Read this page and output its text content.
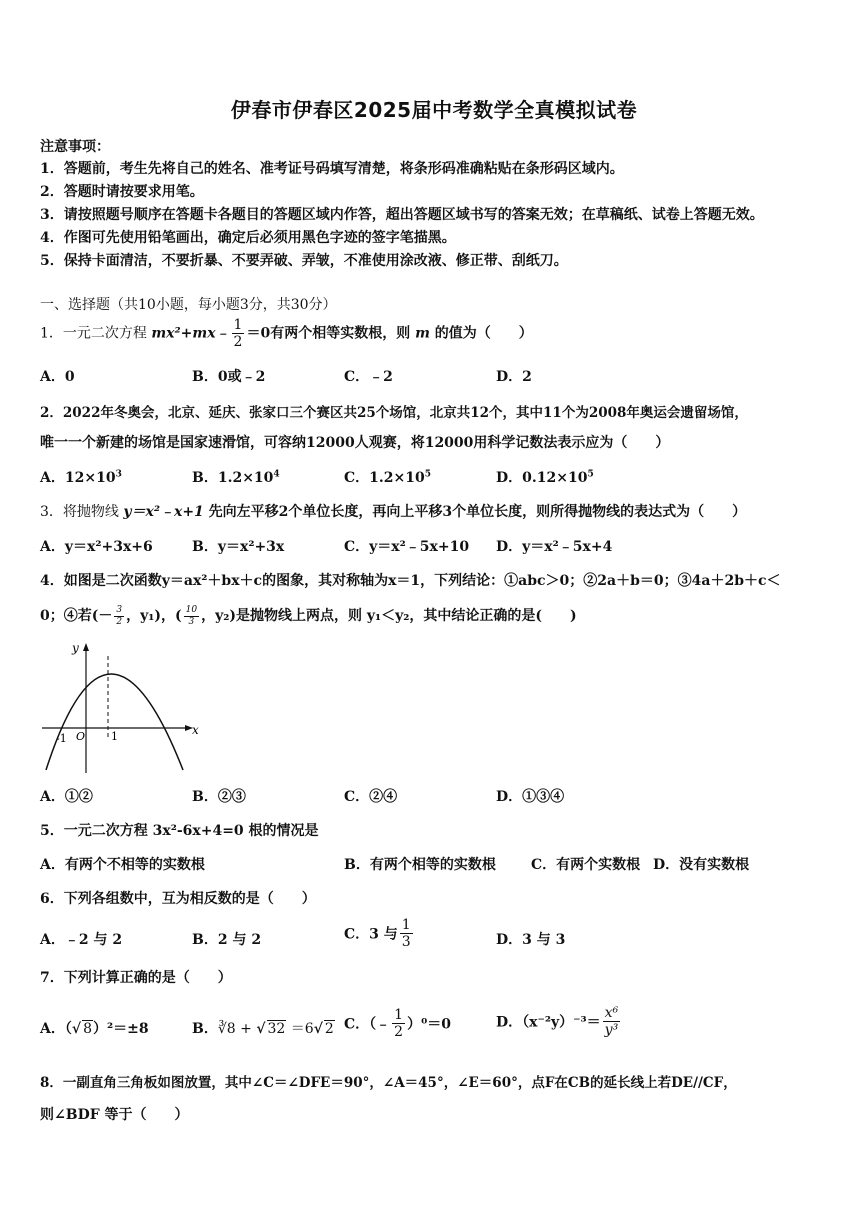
伊春市伊春区2025届中考数学全真模拟试卷
注意事项：
1．答题前，考生先将自己的姓名、准考证号码填写清楚，将条形码准确粘贴在条形码区域内。
2．答题时请按要求用笔。
3．请按照题号顺序在答题卡各题目的答题区域内作答，超出答题区域书写的答案无效；在草稿纸、试卷上答题无效。
4．作图可先使用铅笔画出，确定后必须用黑色字迹的签字笔描黑。
5．保持卡面清洁，不要折暴、不要弄破、弄皱，不准使用涂改液、修正带、刮纸刀。
一、选择题（共10小题，每小题3分，共30分）
1．一元二次方程 mx²+mx﹣ $\frac{1}{2} =0$有两个相等实数根，则 m 的值为（　　）
A．0	B．0或﹣2	C．﹣2	D．2
2．2022年冬奥会，北京、延庆、张家口三个赛区共25个场馆，北京共12个，其中11个为2008年奥运会遗留场馆，
唯一一个新建的场馆是国家速滑馆，可容纳12000人观赛，将12000用科学记数法表示应为（　　）
A．$12\times 10^3$	B．$1.2\times 10^4$	C．$1.2\times 10^5$	D．$0.12\times 10^5$
3．将抛物线 y＝x²﹣x+1 先向左平移2个单位长度，再向上平移3个单位长度，则所得抛物线的表达式为（　　）
A．y＝x²+3x+6	B．y＝x²+3x	C．y＝x²﹣5x+10 D．y＝x²﹣5x+4
4．如图是二次函数y＝ax²＋bx＋c的图象，其对称轴为x＝1，下列结论：①abc＞0；②2a＋b＝0；③4a＋2b＋c＜
0；④若(－ $\frac{3}{2}$ ，y₁)，( $\frac{10}{3}$ ，y₂)是抛物线上两点，则 y₁＜y₂，其中结论正确的是(　　)
y
x
O
-1	1
A．①②	B．②③	C．②④	D．①③④
5．一元二次方程 3x²-6x+4=0 根的情况是
A．有两个不相等的实数根	B．有两个相等的实数根	C．有两个实数根 D．没有实数根
6．下列各组数中，互为相反数的是（　　）
A．﹣2 与 2	B．2 与 2	C．3 与 $\frac{1}{3}$	D．3 与 3
7．下列计算正确的是（　　）
A．（√ 8）²＝±8	B．∛8 + √ 32 ＝6√ 2 C．（﹣ $\frac{1}{2} )^0=0$	D．$(x^{-2}y)^{-3}= \frac{\text{x⁶}}{\text{y³}}$
8．一副直角三角板如图放置，其中∠C＝∠DFE＝90°，∠A＝45°，∠E＝60°，点F在CB的延长线上若DE//CF，
则∠BDF 等于（　　）
